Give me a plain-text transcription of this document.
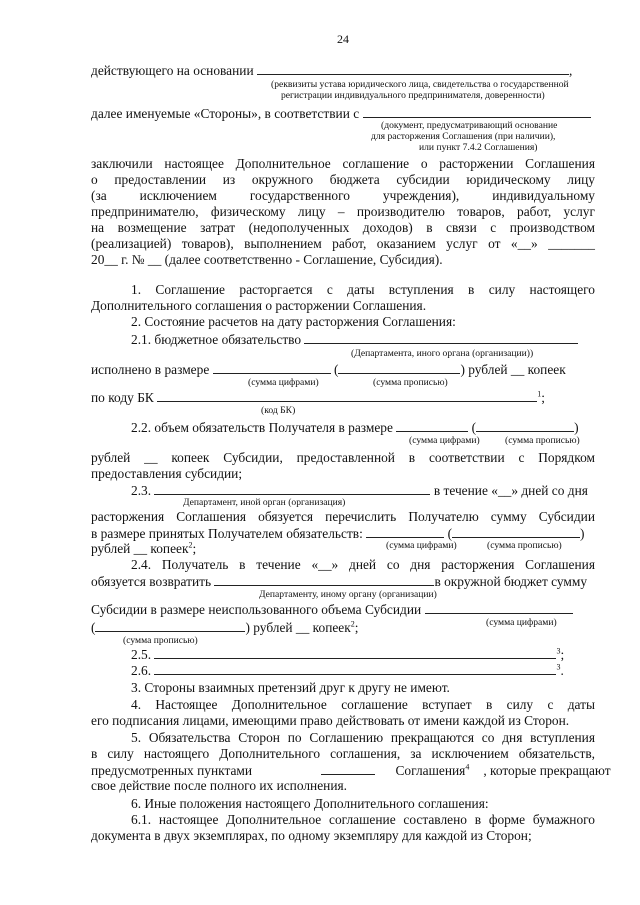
24
действующего на основании	,
(реквизиты устава юридического лица, свидетельства о государственной
регистрации индивидуального предпринимателя, доверенности)
далее именуемые «Стороны», в соответствии с
(документ, предусматривающий основание
для расторжения Соглашения (при наличии),
или пункт 7.4.2 Соглашения)
заключили настоящее Дополнительное соглашение о расторжении Соглашения
о предоставлении из окружного бюджета субсидии юридическому лицу
(за исключением государственного учреждения), индивидуальному
предпринимателю, физическому лицу – производителю товаров, работ, услуг
на возмещение затрат (недополученных доходов) в связи с производством
(реализацией) товаров), выполнением работ, оказанием услуг от «__» _______
20__ г. № __ (далее соответственно - Соглашение, Субсидия).
1. Соглашение расторгается с даты вступления в силу настоящего
Дополнительного соглашения о расторжении Соглашения.
2. Состояние расчетов на дату расторжения Соглашения:
2.1. бюджетное обязательство
(Департамента, иного органа (организации))
исполнено в размере	(	) рублей __ копеек
(сумма цифрами)	(сумма прописью)
по коду БК	$^1$;
(код БК)
2.2. объем обязательств Получателя в размере	(	)
(сумма цифрами)	(сумма прописью)
рублей __ копеек Субсидии, предоставленной в соответствии с Порядком
предоставления субсидии;
2.3.	в течение «__» дней со дня
Департамент, иной орган (организация)
расторжения Соглашения обязуется перечислить Получателю сумму Субсидии
в размере принятых Получателем обязательств:	(	)
(сумма цифрами)	(сумма прописью)
рублей __ копеек$^2$;
2.4. Получатель в течение «__» дней со дня расторжения Соглашения
обязуется возвратить	в окружной бюджет сумму
Департаменту, иному органу (организации)
Субсидии в размере неиспользованного объема Субсидии
(сумма цифрами)
(	) рублей __ копеек$^2$;
(сумма прописью)
2.5.	$^3$;
2.6.	$^3$.
3. Стороны взаимных претензий друг к другу не имеют.
4. Настоящее Дополнительное соглашение вступает в силу с даты
его подписания лицами, имеющими право действовать от имени каждой из Сторон.
5. Обязательства Сторон по Соглашению прекращаются со дня вступления
в силу настоящего Дополнительного соглашения, за исключением обязательств,
предусмотренных пунктами	Соглашения$^4$ , которые прекращают
свое действие после полного их исполнения.
6. Иные положения настоящего Дополнительного соглашения:
6.1. настоящее Дополнительное соглашение составлено в форме бумажного
документа в двух экземплярах, по одному экземпляру для каждой из Сторон;
